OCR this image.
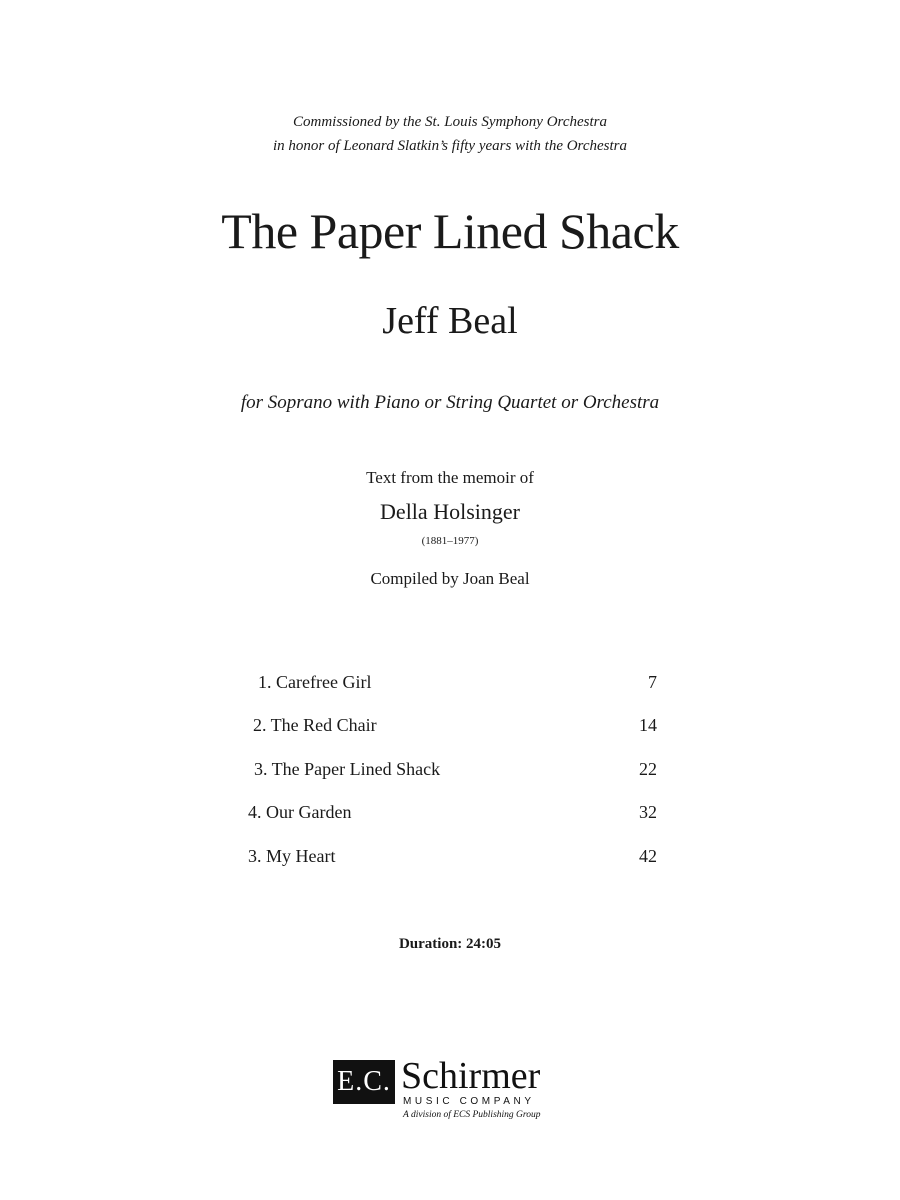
Commissioned by the St. Louis Symphony Orchestra
in honor of Leonard Slatkin’s fifty years with the Orchestra
The Paper Lined Shack
Jeff Beal
for Soprano with Piano or String Quartet or Orchestra
Text from the memoir of
Della Holsinger
(1881–1977)
Compiled by Joan Beal
1. Carefree Girl	7
2. The Red Chair	14
3. The Paper Lined Shack	22
4. Our Garden	32
3. My Heart	42
Duration: 24:05
E.C. Schirmer
MUSIC COMPANY
A division of ECS Publishing Group
